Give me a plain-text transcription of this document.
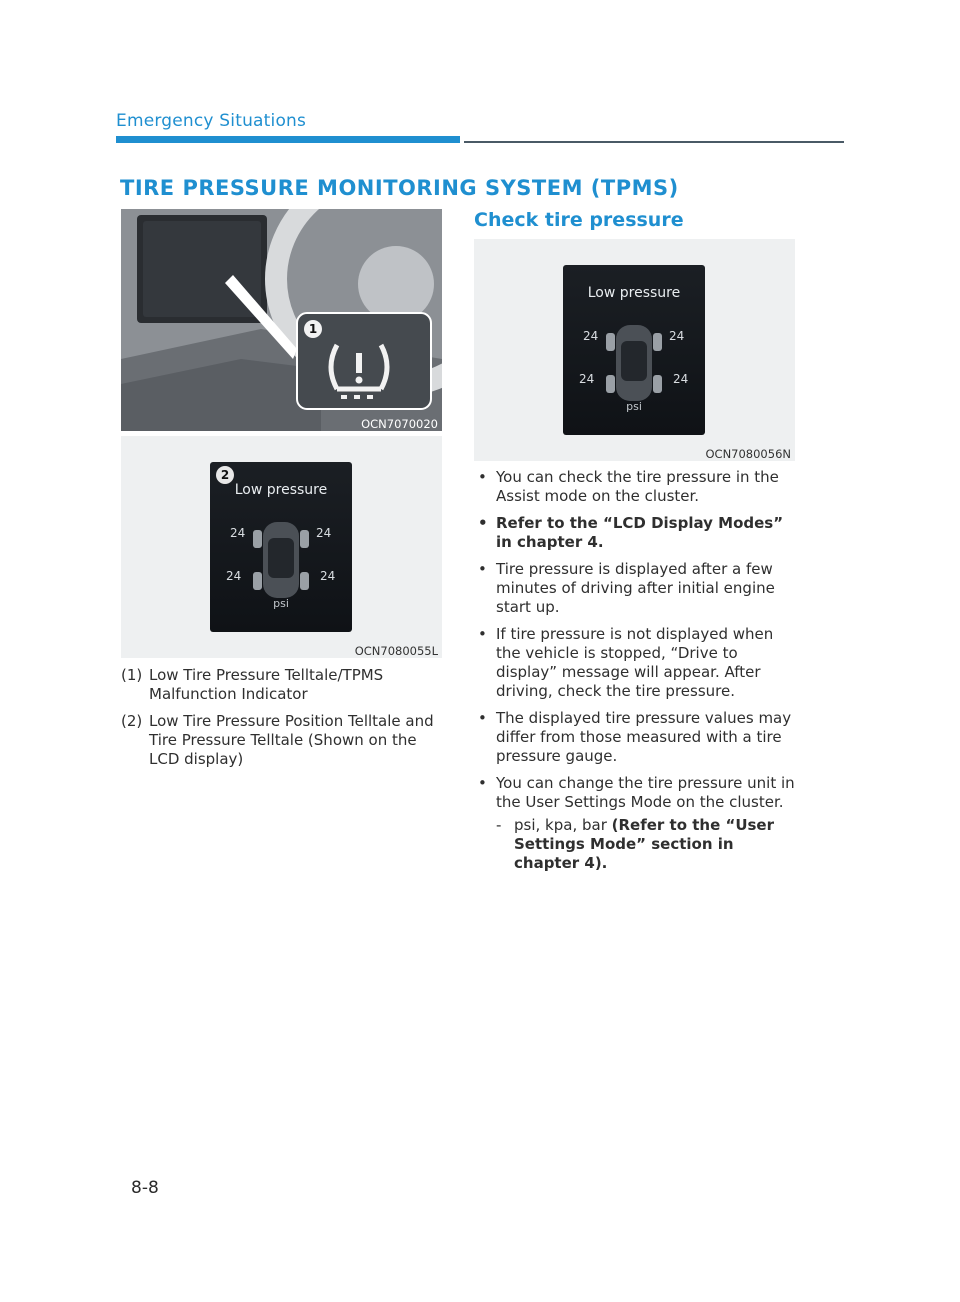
Emergency Situations
TIRE PRESSURE MONITORING SYSTEM (TPMS)
1
OCN7070020
2
Low pressure
24	24
24	24
psi
OCN7080055L
(1) Low Tire Pressure Telltale/TPMS Malfunction Indicator
(2) Low Tire Pressure Position Telltale and Tire Pressure Telltale (Shown on the LCD display)
Check tire pressure
Low pressure
24	24
24	24
psi
OCN7080056N
• You can check the tire pressure in the Assist mode on the cluster.
• Refer to the “LCD Display Modes” in chapter 4.
• Tire pressure is displayed after a few minutes of driving after initial engine start up.
• If tire pressure is not displayed when the vehicle is stopped, “Drive to display” message will appear. After driving, check the tire pressure.
• The displayed tire pressure values may differ from those measured with a tire pressure gauge.
• You can change the tire pressure unit in the User Settings Mode on the cluster.
- psi, kpa, bar (Refer to the “User Settings Mode” section in chapter 4).
8-8
